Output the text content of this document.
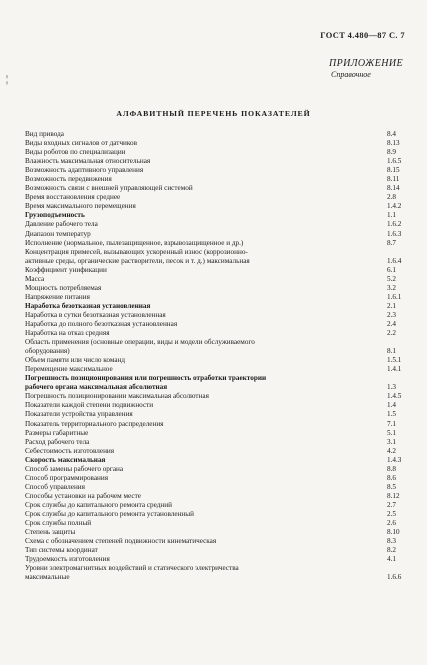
ГОСТ 4.480—87 С. 7
¦
ПРИЛОЖЕНИЕ
Справочное
АЛФАВИТНЫЙ ПЕРЕЧЕНЬ ПОКАЗАТЕЛЕЙ
Вид привода	8.4
Виды входных сигналов от датчиков	8.13
Виды роботов по специализации	8.9
Влажность максимальная относительная	1.6.5
Возможность адаптивного управления	8.15
Возможность передвижения	8.11
Возможность связи с внешней управляющей системой	8.14
Время восстановления среднее	2.8
Время максимального перемещения	1.4.2
Грузоподъемность	1.1
Давление рабочего тела	1.6.2
Диапазон температур	1.6.3
Исполнение (нормальное, пылезащищенное, взрывозащищенное и др.)	8.7
Концентрация примесей, вызывающих ускоренный износ (коррозионно-
активные среды, органические растворители, песок и т. д.) максимальная	1.6.4
Коэффициент унификации	6.1
Масса	5.2
Мощность потребляемая	3.2
Напряжение питания	1.6.1
Наработка безотказная установленная	2.1
Наработка в сутки безотказная установленная	2.3
Наработка до полного безотказная установленная	2.4
Наработка на отказ средняя	2.2
Область применения (основные операции, виды и модели обслуживаемого
оборудования)	8.1
Объем памяти или число команд	1.5.1
Перемещение максимальное	1.4.1
Погрешность позиционирования или погрешность отработки траектории
рабочего органа максимальная абсолютная	1.3
Погрешность позиционировании максимальная абсолютная	1.4.5
Показатели каждой степени подвижности	1.4
Показатели устройства управления	1.5
Показатель территориального распределения	7.1
Размеры габаритные	5.1
Расход рабочего тела	3.1
Себестоимость изготовления	4.2
Скорость максимальная	1.4.3
Способ замены рабочего органа	8.8
Способ программирования	8.6
Способ управления	8.5
Способы установки на рабочем месте	8.12
Срок службы до капитального ремонта средний	2.7
Срок службы до капитального ремонта установленный	2.5
Срок службы полный	2.6
Степень защиты	8.10
Схема с обозначением степеней подвижности кинематическая	8.3
Тип системы координат	8.2
Трудоемкость изготовления	4.1
Уровни электромагнитных воздействий и статического электричества
максимальные	1.6.6
